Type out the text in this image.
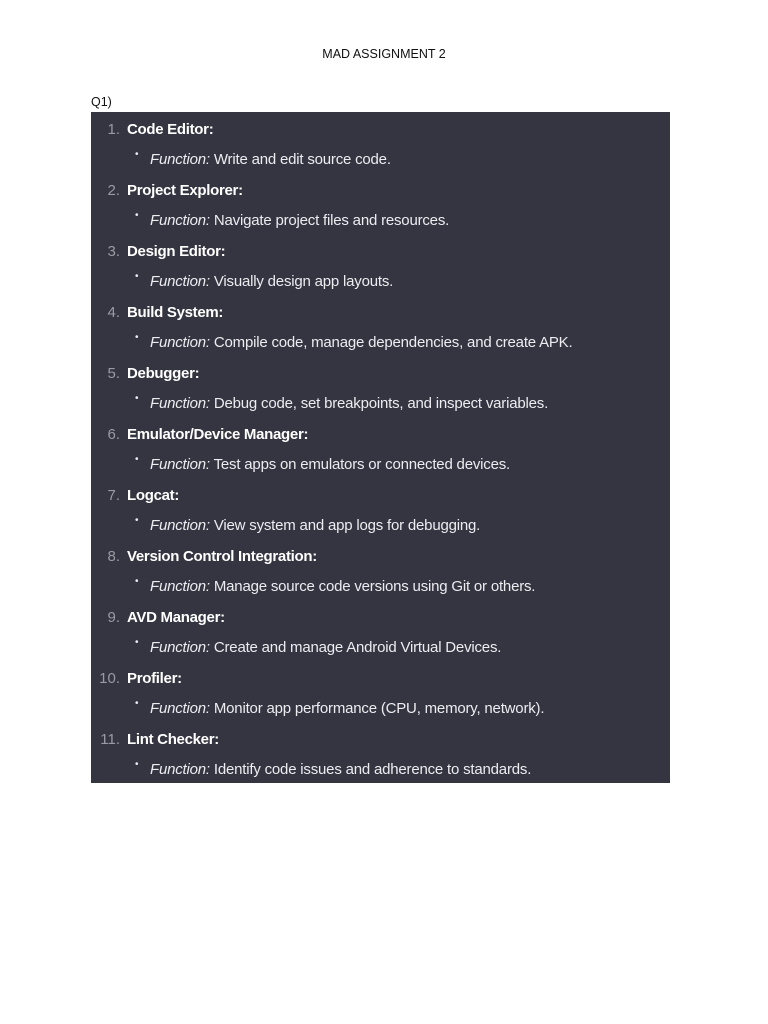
MAD ASSIGNMENT 2
Q1)
1. Code Editor:
• Function: Write and edit source code.
2. Project Explorer:
• Function: Navigate project files and resources.
3. Design Editor:
• Function: Visually design app layouts.
4. Build System:
• Function: Compile code, manage dependencies, and create APK.
5. Debugger:
• Function: Debug code, set breakpoints, and inspect variables.
6. Emulator/Device Manager:
• Function: Test apps on emulators or connected devices.
7. Logcat:
• Function: View system and app logs for debugging.
8. Version Control Integration:
• Function: Manage source code versions using Git or others.
9. AVD Manager:
• Function: Create and manage Android Virtual Devices.
10. Profiler:
• Function: Monitor app performance (CPU, memory, network).
11. Lint Checker:
• Function: Identify code issues and adherence to standards.
